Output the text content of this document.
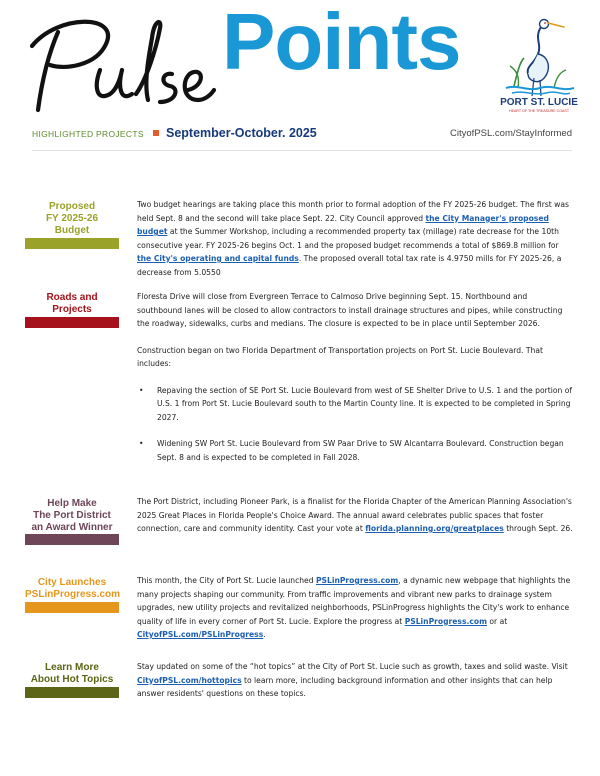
Points
PORT ST. LUCIE
HEART OF THE TREASURE COAST
HIGHLIGHTED PROJECTS September-October. 2025	CityofPSL.com/StayInformed
Proposed
FY 2025-26
Budget

Two budget hearings are taking place this month prior to formal adoption of the FY 2025-26 budget. The first was held Sept. 8 and the second will take place Sept. 22. City Council approved the City Manager's proposed budget at the Summer Workshop, including a recommended property tax (millage) rate decrease for the 10th consecutive year. FY 2025-26 begins Oct. 1 and the proposed budget recommends a total of $869.8 million for the City's operating and capital funds. The proposed overall total tax rate is 4.9750 mills for FY 2025-26, a decrease from 5.0550

Roads and
Projects

Floresta Drive will close from Evergreen Terrace to Calmoso Drive beginning Sept. 15. Northbound and southbound lanes will be closed to allow contractors to install drainage structures and pipes, while constructing the roadway, sidewalks, curbs and medians. The closure is expected to be in place until September 2026.

Construction began on two Florida Department of Transportation projects on Port St. Lucie Boulevard. That includes:

• Repaving the section of SE Port St. Lucie Boulevard from west of SE Shelter Drive to U.S. 1 and the portion of U.S. 1 from Port St. Lucie Boulevard south to the Martin County line. It is expected to be completed in Spring 2027.
• Widening SW Port St. Lucie Boulevard from SW Paar Drive to SW Alcantarra Boulevard. Construction began Sept. 8 and is expected to be completed in Fall 2028.
Help Make
The Port District
an Award Winner

The Port District, including Pioneer Park, is a finalist for the Florida Chapter of the American Planning Association's 2025 Great Places in Florida People's Choice Award. The annual award celebrates public spaces that foster connection, care and community identity. Cast your vote at florida.planning.org/greatplaces through Sept. 26.

City Launches
PSLinProgress.com

This month, the City of Port St. Lucie launched PSLinProgress.com, a dynamic new webpage that highlights the many projects shaping our community. From traffic improvements and vibrant new parks to drainage system upgrades, new utility projects and revitalized neighborhoods, PSLinProgress highlights the City's work to enhance quality of life in every corner of Port St. Lucie. Explore the progress at PSLinProgress.com or at CityofPSL.com/PSLinProgress.

Learn More
About Hot Topics

Stay updated on some of the “hot topics” at the City of Port St. Lucie such as growth, taxes and solid waste. Visit CityofPSL.com/hottopics to learn more, including background information and other insights that can help answer residents' questions on these topics.
